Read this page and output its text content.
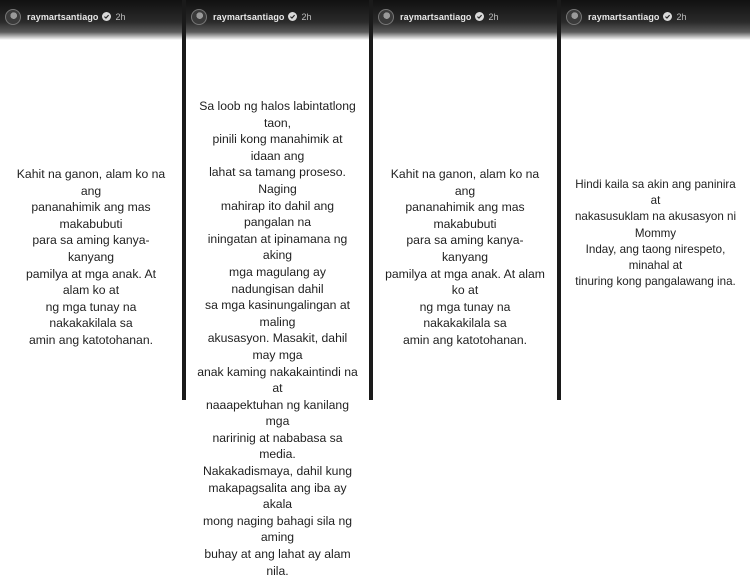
raymartsantiago 2h
Kahit na ganon, alam ko na ang
pananahimik ang mas makabubuti
para sa aming kanya-kanyang
pamilya at mga anak. At alam ko at
ng mga tunay na nakakakilala sa
amin ang katotohanan.
raymartsantiago 2h
Sa loob ng halos labintatlong taon,
pinili kong manahimik at idaan ang
lahat sa tamang proseso. Naging
mahirap ito dahil ang pangalan na
iningatan at ipinamana ng aking
mga magulang ay nadungisan dahil
sa mga kasinungalingan at maling
akusasyon. Masakit, dahil may mga
anak kaming nakakaintindi na at
naaapektuhan ng kanilang mga
naririnig at nababasa sa media.
Nakakadismaya, dahil kung
makapagsalita ang iba ay akala
mong naging bahagi sila ng aming
buhay at ang lahat ay alam nila.
raymartsantiago 2h
Kahit na ganon, alam ko na ang
pananahimik ang mas makabubuti
para sa aming kanya-kanyang
pamilya at mga anak. At alam ko at
ng mga tunay na nakakakilala sa
amin ang katotohanan.
raymartsantiago 2h
Hindi kaila sa akin ang paninira at
nakasusuklam na akusasyon ni Mommy
Inday, ang taong nirespeto, minahal at
tinuring kong pangalawang ina.
